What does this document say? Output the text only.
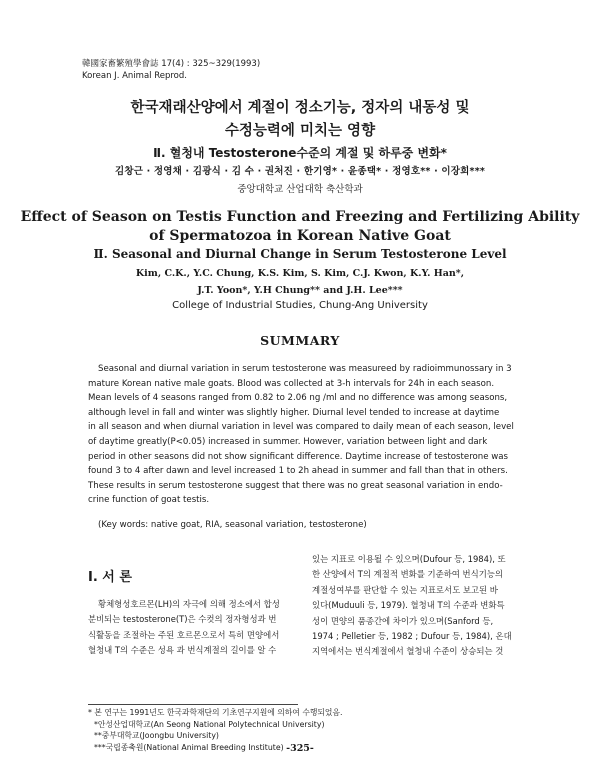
韓國家畜繁殖學會誌 17(4) : 325~329(1993)
Korean J. Animal Reprod.
한국재래산양에서 계절이 정소기능, 정자의 내동성 및
수정능력에 미치는 영향
Ⅱ. 혈청내 Testosterone수준의 계절 및 하루중 변화*
김창근 · 정영채 · 김광식 · 김 수 · 권처진 · 한기영* · 윤종택* · 정영호** · 이장희***
중앙대학교 산업대학 축산학과
Effect of Season on Testis Function and Freezing and Fertilizing Ability
of Spermatozoa in Korean Native Goat
Ⅱ. Seasonal and Diurnal Change in Serum Testosterone Level
Kim, C.K., Y.C. Chung, K.S. Kim, S. Kim, C.J. Kwon, K.Y. Han*,
J.T. Yoon*, Y.H Chung** and J.H. Lee***
College of Industrial Studies, Chung-Ang University
SUMMARY
Seasonal and diurnal variation in serum testosterone was measureed by radioimmunossary in 3
mature Korean native male goats. Blood was collected at 3-h intervals for 24h in each season.
Mean levels of 4 seasons ranged from 0.82 to 2.06 ng /ml and no difference was among seasons,
although level in fall and winter was slightly higher. Diurnal level tended to increase at daytime
in all season and when diurnal variation in level was compared to daily mean of each season, level
of daytime greatly(P<0.05) increased in summer. However, variation between light and dark
period in other seasons did not show significant difference. Daytime increase of testosterone was
found 3 to 4 after dawn and level increased 1 to 2h ahead in summer and fall than that in others.
These results in serum testosterone suggest that there was no great seasonal variation in endo-
crine function of goat testis.
(Key words: native goat, RIA, seasonal variation, testosterone)
Ⅰ. 서 론
황체형성호르몬(LH)의 자극에 의해 정소에서 합성
분비되는 testosterone(T)은 수컷의 정자형성과 번
식활동을 조절하는 주된 호르몬으로서 특히 면양에서
혈청내 T의 수준은 성욕 과 번식계절의 길이를 알 수
있는 지표로 이용될 수 있으며(Dufour 등, 1984), 또
한 산양에서 T의 계절적 변화를 기준하여 번식기능의
계절성여부를 판단할 수 있는 지표로서도 보고된 바
있다(Muduuli 등, 1979). 혈청내 T의 수준과 변화특
성이 면양의 품종간에 차이가 있으며(Sanford 등,
1974 ; Pelletier 등, 1982 ; Dufour 등, 1984), 온대
지역에서는 번식계절에서 혈청내 수준이 상승되는 것
* 본 연구는 1991년도 한국과학재단의 기초연구지원에 의하여 수행되었음.
*안성산업대학교(An Seong National Polytechnical University)
**중부대학교(Joongbu University)
***국립종축원(National Animal Breeding Institute) -325-
